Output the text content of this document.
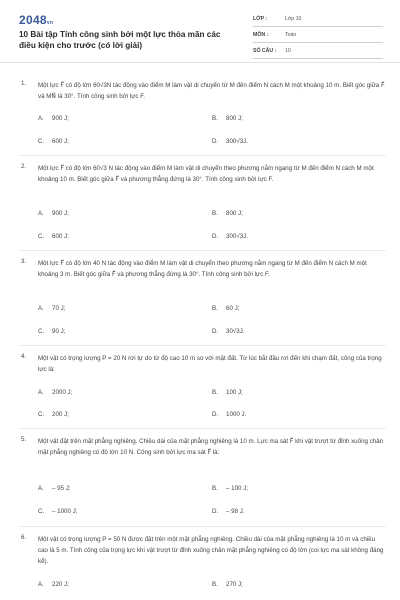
2048vn
10 Bài tập Tính công sinh bởi một lực thỏa mãn các điều kiện cho trước (có lời giải)
LỚP :	Lớp 10
MÔN :	Toán
SỐ CÂU :	10
1. Một lực F⃗ có độ lớn 60√3N tác động vào điểm M làm vật di chuyển từ M đến điểm N cách M một khoảng 10 m. Biết góc giữa F⃗ và MN⃗ là 30°. Tính công sinh bởi lực F.
A. 900 J;	B. 800 J;
C. 600 J;	D. 300√3J.
2. Một lực F⃗ có độ lớn 60√3 N tác động vào điểm M làm vật di chuyển theo phương nằm ngang từ M đến điểm N cách M một khoảng 10 m. Biết góc giữa F⃗ và phương thẳng đứng là 30°. Tính công sinh bởi lực F.
A. 900 J;	B. 800 J;
C. 600 J;	D. 300√3J.
3. Một lực F⃗ có độ lớn 40 N tác động vào điểm M làm vật di chuyển theo phương nằm ngang từ M đến điểm N cách M một khoảng 3 m. Biết góc giữa F⃗ và phương thẳng đứng là 30°. Tính công sinh bởi lực F.
A. 70 J;	B. 60 J;
C. 90 J;	D. 30√3J.
4. Một vật có trọng lượng P = 20 N rơi tự do từ độ cao 10 m so với mặt đất. Từ lúc bắt đầu rơi đến khi chạm đất, công của trọng lực là:
A. 2000 J;	B. 100 J;
C. 200 J;	D. 1000 J.
5. Một vật đặt trên mặt phẳng nghiêng. Chiều dài của mặt phẳng nghiêng là 10 m. Lực ma sát F⃗ khi vật trượt từ đỉnh xuống chân mặt phẳng nghiêng có độ lớn 10 N. Công sinh bởi lực ma sát F⃗ là:
A. – 95 J;	B. – 100 J;
C. – 1000 J;	D. – 98 J.
6. Một vật có trọng lượng P = 50 N được đặt trên một mặt phẳng nghiêng. Chiều dài của mặt phẳng nghiêng là 10 m và chiều cao là 5 m. Tính công của trọng lực khi vật trượt từ đỉnh xuống chân mặt phẳng nghiêng có độ lớn (coi lực ma sát không đáng kể).
A. 220 J;	B. 270 J;
